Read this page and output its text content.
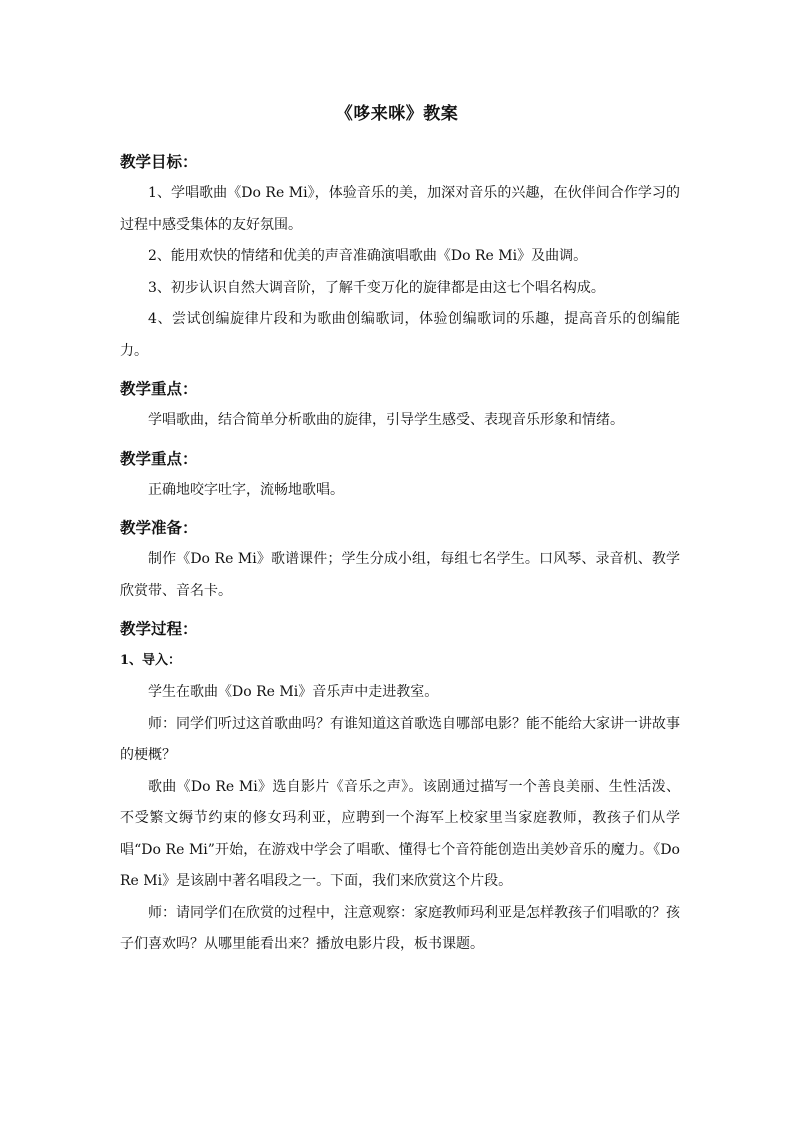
《哆来咪》教案
教学目标：

1、学唱歌曲《Do Re Mi》，体验音乐的美，加深对音乐的兴趣，在伙伴间合作学习的过程中感受集体的友好氛围。

2、能用欢快的情绪和优美的声音准确演唱歌曲《Do Re Mi》及曲调。

3、初步认识自然大调音阶，了解千变万化的旋律都是由这七个唱名构成。

4、尝试创编旋律片段和为歌曲创编歌词，体验创编歌词的乐趣，提高音乐的创编能力。

教学重点：

学唱歌曲，结合简单分析歌曲的旋律，引导学生感受、表现音乐形象和情绪。

教学重点：

正确地咬字吐字，流畅地歌唱。

教学准备：

制作《Do Re Mi》歌谱课件；学生分成小组，每组七名学生。口风琴、录音机、教学欣赏带、音名卡。

教学过程：
1、导入：

学生在歌曲《Do Re Mi》音乐声中走进教室。

师：同学们听过这首歌曲吗？有谁知道这首歌选自哪部电影？能不能给大家讲一讲故事的梗概？

歌曲《Do Re Mi》选自影片《音乐之声》。该剧通过描写一个善良美丽、生性活泼、不受繁文缛节约束的修女玛利亚，应聘到一个海军上校家里当家庭教师，教孩子们从学唱“Do Re Mi”开始，在游戏中学会了唱歌、懂得七个音符能创造出美妙音乐的魔力。《Do Re Mi》是该剧中著名唱段之一。下面，我们来欣赏这个片段。

师：请同学们在欣赏的过程中，注意观察：家庭教师玛利亚是怎样教孩子们唱歌的？孩子们喜欢吗？从哪里能看出来？播放电影片段，板书课题。
